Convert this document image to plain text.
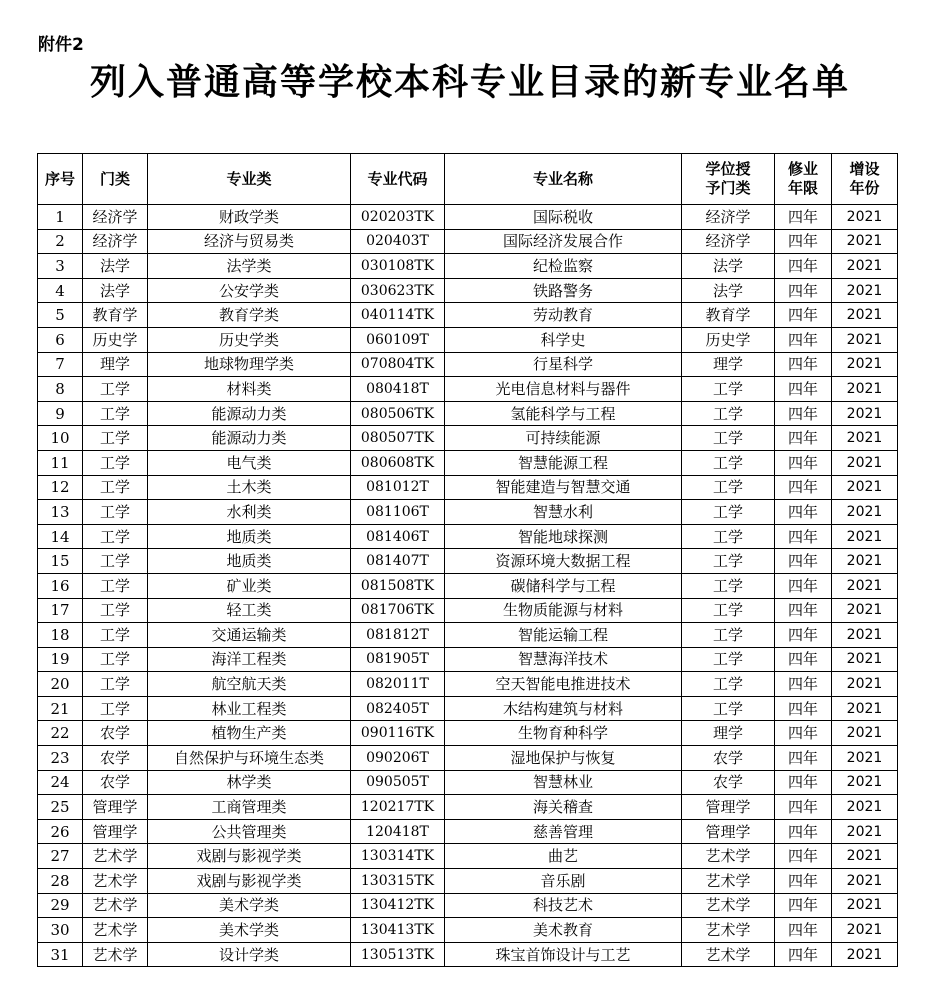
附件2
列入普通高等学校本科专业目录的新专业名单
序号	门类	专业类	专业代码	专业名称	学位授予门类	修业年限	增设年份
1	经济学	财政学类	020203TK	国际税收	经济学	四年	2021
2	经济学	经济与贸易类	020403T	国际经济发展合作	经济学	四年	2021
3	法学	法学类	030108TK	纪检监察	法学	四年	2021
4	法学	公安学类	030623TK	铁路警务	法学	四年	2021
5	教育学	教育学类	040114TK	劳动教育	教育学	四年	2021
6	历史学	历史学类	060109T	科学史	历史学	四年	2021
7	理学	地球物理学类	070804TK	行星科学	理学	四年	2021
8	工学	材料类	080418T	光电信息材料与器件	工学	四年	2021
9	工学	能源动力类	080506TK	氢能科学与工程	工学	四年	2021
10	工学	能源动力类	080507TK	可持续能源	工学	四年	2021
11	工学	电气类	080608TK	智慧能源工程	工学	四年	2021
12	工学	土木类	081012T	智能建造与智慧交通	工学	四年	2021
13	工学	水利类	081106T	智慧水利	工学	四年	2021
14	工学	地质类	081406T	智能地球探测	工学	四年	2021
15	工学	地质类	081407T	资源环境大数据工程	工学	四年	2021
16	工学	矿业类	081508TK	碳储科学与工程	工学	四年	2021
17	工学	轻工类	081706TK	生物质能源与材料	工学	四年	2021
18	工学	交通运输类	081812T	智能运输工程	工学	四年	2021
19	工学	海洋工程类	081905T	智慧海洋技术	工学	四年	2021
20	工学	航空航天类	082011T	空天智能电推进技术	工学	四年	2021
21	工学	林业工程类	082405T	木结构建筑与材料	工学	四年	2021
22	农学	植物生产类	090116TK	生物育种科学	理学	四年	2021
23	农学	自然保护与环境生态类	090206T	湿地保护与恢复	农学	四年	2021
24	农学	林学类	090505T	智慧林业	农学	四年	2021
25	管理学	工商管理类	120217TK	海关稽查	管理学	四年	2021
26	管理学	公共管理类	120418T	慈善管理	管理学	四年	2021
27	艺术学	戏剧与影视学类	130314TK	曲艺	艺术学	四年	2021
28	艺术学	戏剧与影视学类	130315TK	音乐剧	艺术学	四年	2021
29	艺术学	美术学类	130412TK	科技艺术	艺术学	四年	2021
30	艺术学	美术学类	130413TK	美术教育	艺术学	四年	2021
31	艺术学	设计学类	130513TK	珠宝首饰设计与工艺	艺术学	四年	2021
